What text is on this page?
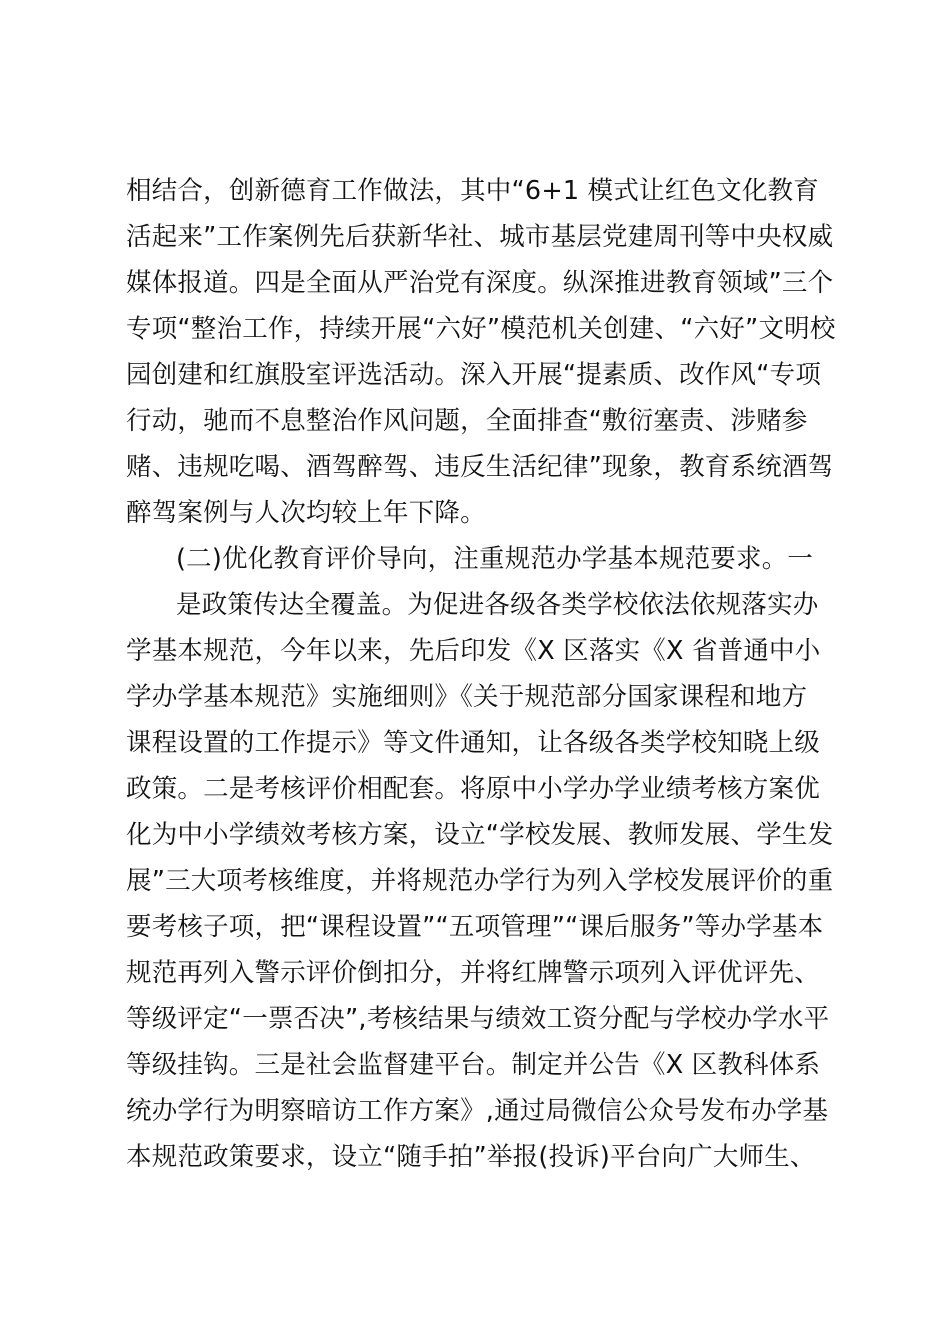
相结合，创新德育工作做法，其中“6+1 模式让红色文化教育
活起来”工作案例先后获新华社、城市基层党建周刊等中央权威
媒体报道。四是全面从严治党有深度。纵深推进教育领域”三个
专项“整治工作，持续开展“六好”模范机关创建、“六好”文明校
园创建和红旗股室评选活动。深入开展“提素质、改作风“专项
行动，驰而不息整治作风问题，全面排查“敷衍塞责、涉赌参
赌、违规吃喝、酒驾醉驾、违反生活纪律”现象，教育系统酒驾
醉驾案例与人次均较上年下降。
(二)优化教育评价导向，注重规范办学基本规范要求。一
是政策传达全覆盖。为促进各级各类学校依法依规落实办
学基本规范，今年以来，先后印发《X 区落实《X 省普通中小
学办学基本规范》实施细则》《关于规范部分国家课程和地方
课程设置的工作提示》等文件通知，让各级各类学校知晓上级
政策。二是考核评价相配套。将原中小学办学业绩考核方案优
化为中小学绩效考核方案，设立“学校发展、教师发展、学生发
展”三大项考核维度，并将规范办学行为列入学校发展评价的重
要考核子项，把“课程设置”“五项管理”“课后服务”等办学基本
规范再列入警示评价倒扣分，并将红牌警示项列入评优评先、
等级评定“一票否决”,考核结果与绩效工资分配与学校办学水平
等级挂钩。三是社会监督建平台。制定并公告《X 区教科体系
统办学行为明察暗访工作方案》,通过局微信公众号发布办学基
本规范政策要求，设立“随手拍”举报(投诉)平台向广大师生、
